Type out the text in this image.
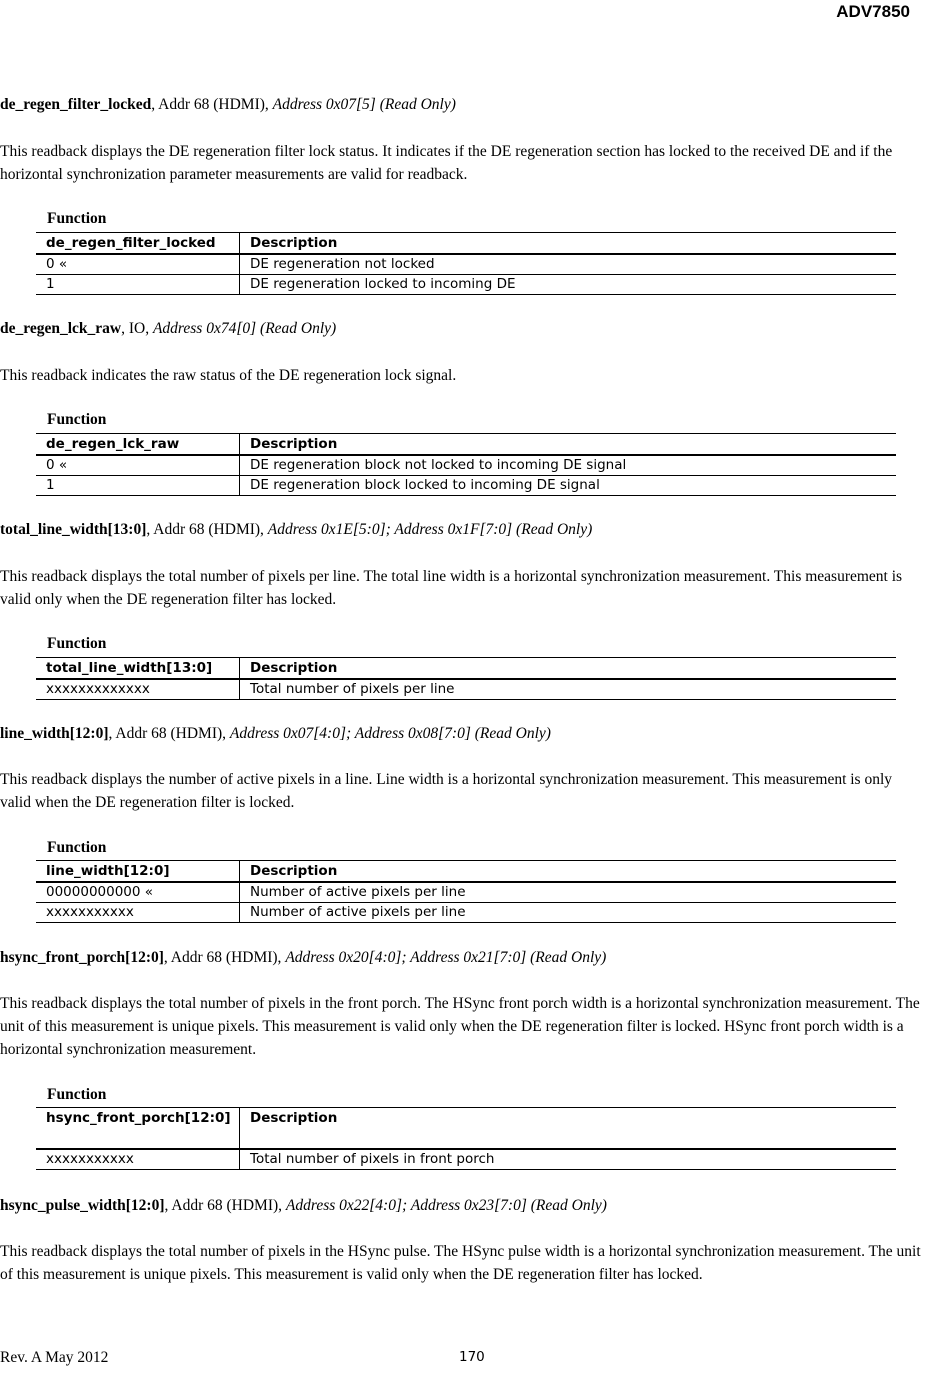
ADV7850
de_regen_filter_locked, Addr 68 (HDMI), Address 0x07[5] (Read Only)
This readback displays the DE regeneration filter lock status. It indicates if the DE regeneration section has locked to the received DE and if the horizontal synchronization parameter measurements are valid for readback.
Function
de_regen_filter_locked	Description
0 «	DE regeneration not locked
1	DE regeneration locked to incoming DE
de_regen_lck_raw, IO, Address 0x74[0] (Read Only)
This readback indicates the raw status of the DE regeneration lock signal.
Function
de_regen_lck_raw	Description
0 «	DE regeneration block not locked to incoming DE signal
1	DE regeneration block locked to incoming DE signal
total_line_width[13:0], Addr 68 (HDMI), Address 0x1E[5:0]; Address 0x1F[7:0] (Read Only)
This readback displays the total number of pixels per line. The total line width is a horizontal synchronization measurement. This measurement is valid only when the DE regeneration filter has locked.
Function
total_line_width[13:0]	Description
xxxxxxxxxxxxx	Total number of pixels per line
line_width[12:0], Addr 68 (HDMI), Address 0x07[4:0]; Address 0x08[7:0] (Read Only)
This readback displays the number of active pixels in a line. Line width is a horizontal synchronization measurement. This measurement is only valid when the DE regeneration filter is locked.
Function
line_width[12:0]	Description
00000000000 «	Number of active pixels per line
xxxxxxxxxxx	Number of active pixels per line
hsync_front_porch[12:0], Addr 68 (HDMI), Address 0x20[4:0]; Address 0x21[7:0] (Read Only)
This readback displays the total number of pixels in the front porch. The HSync front porch width is a horizontal synchronization measurement. The unit of this measurement is unique pixels. This measurement is valid only when the DE regeneration filter is locked. HSync front porch width is a horizontal synchronization measurement.
Function
hsync_front_porch[12:0]	Description
xxxxxxxxxxx	Total number of pixels in front porch
hsync_pulse_width[12:0], Addr 68 (HDMI), Address 0x22[4:0]; Address 0x23[7:0] (Read Only)
This readback displays the total number of pixels in the HSync pulse. The HSync pulse width is a horizontal synchronization measurement. The unit of this measurement is unique pixels. This measurement is valid only when the DE regeneration filter has locked.
Rev. A May 2012	170
